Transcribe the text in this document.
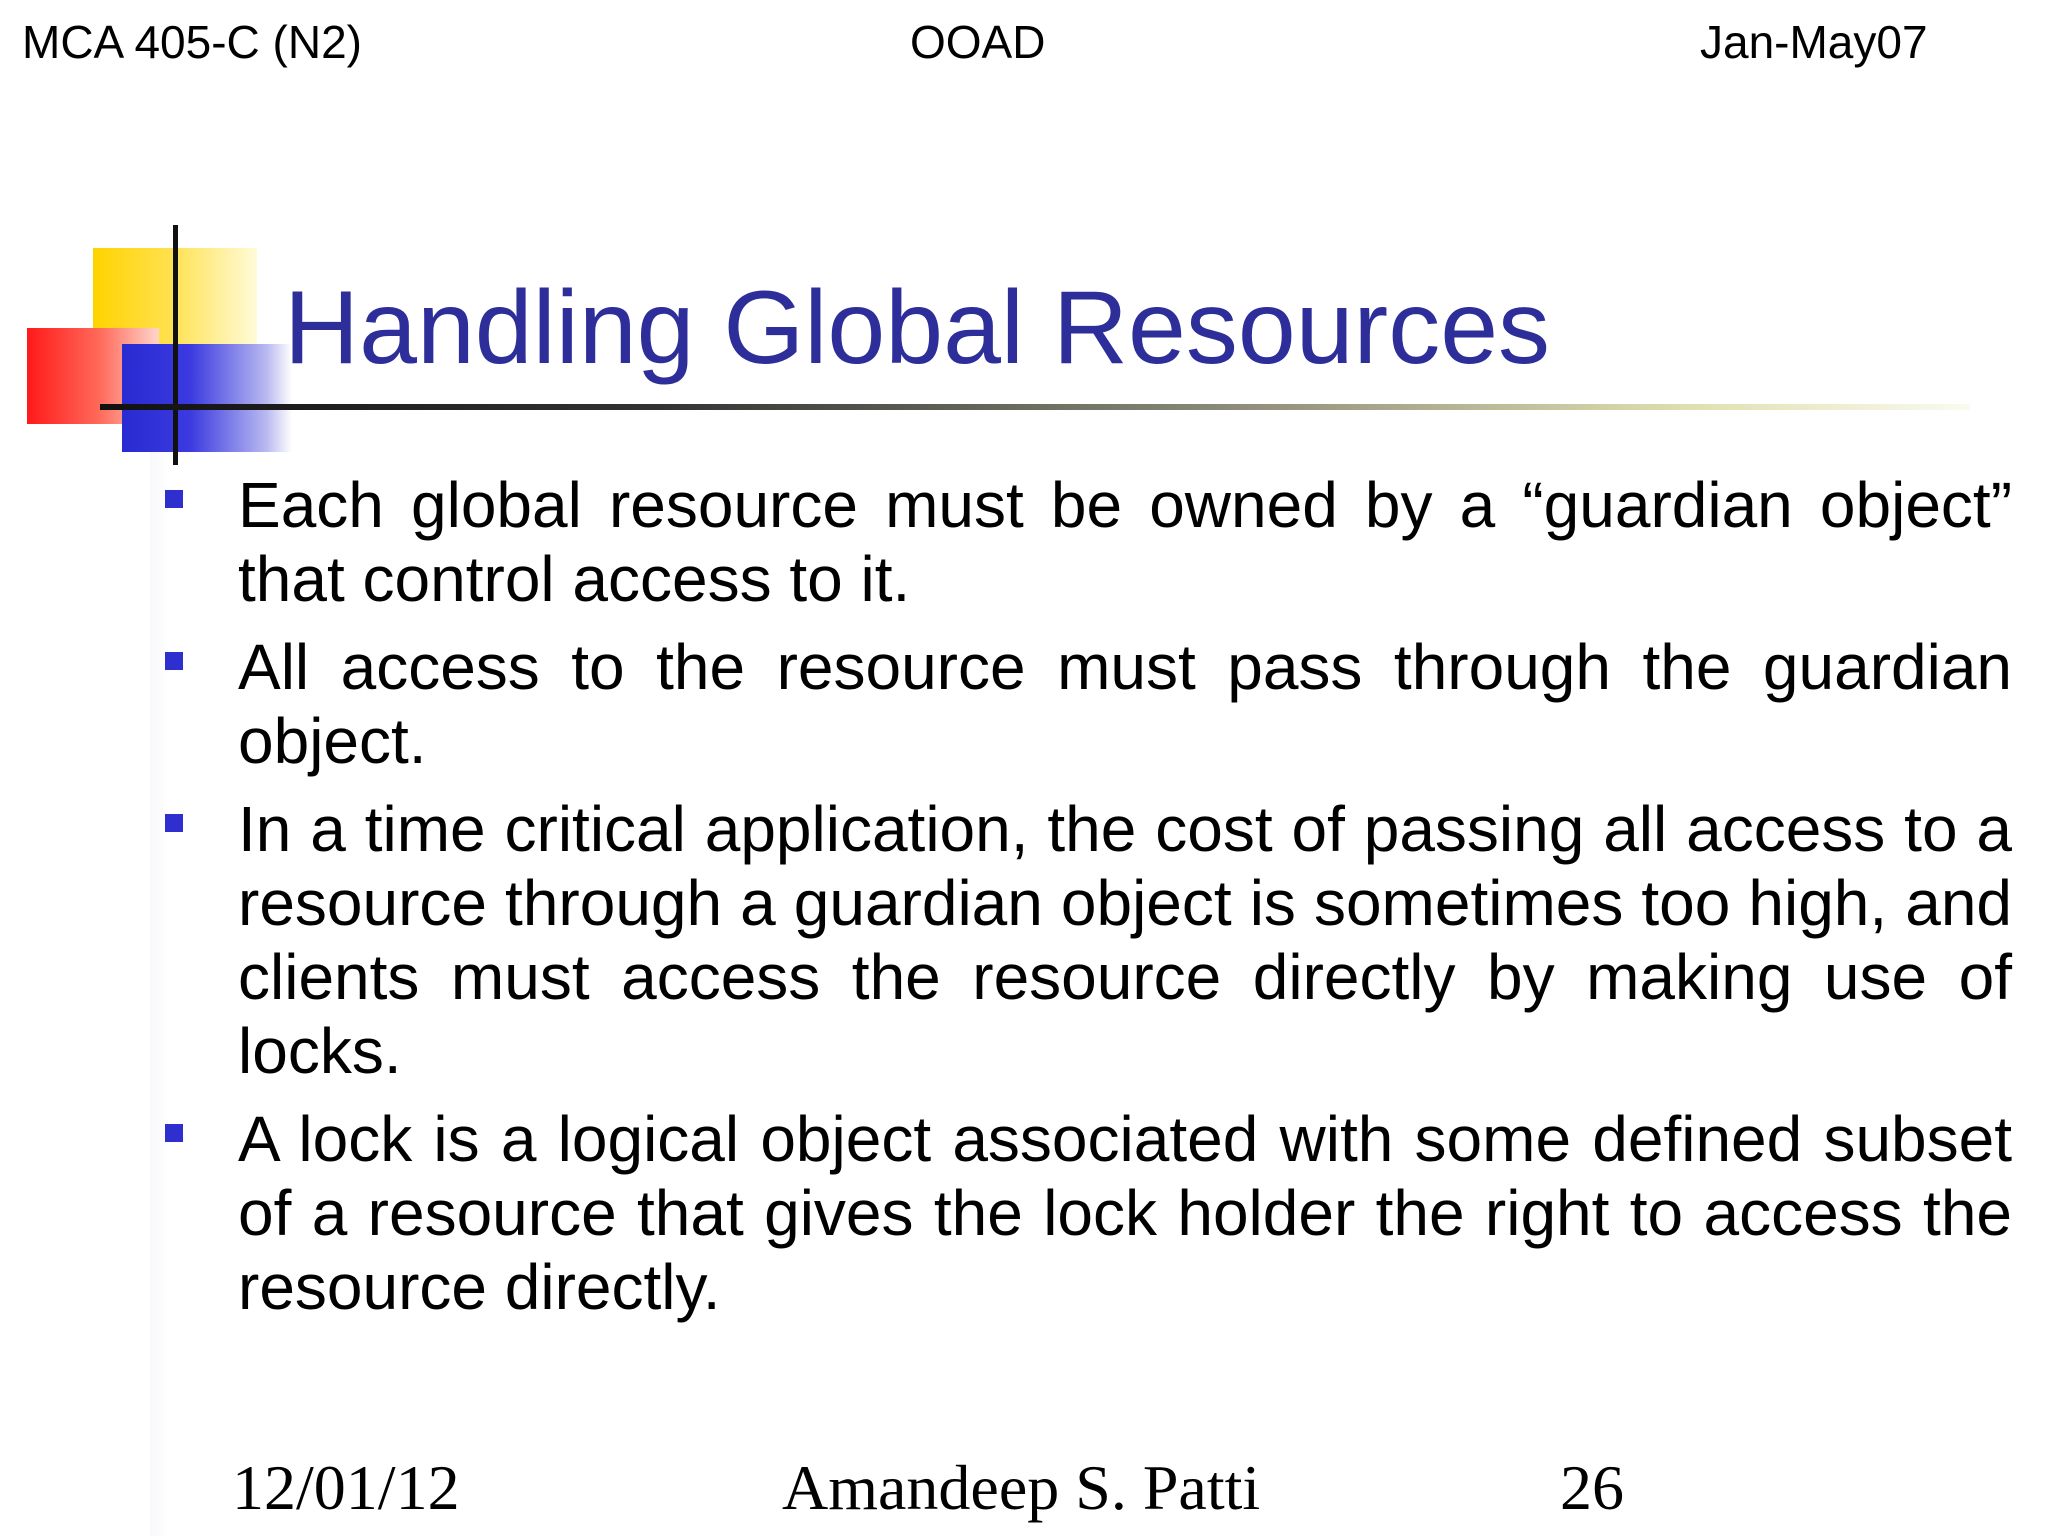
MCA 405-C (N2)	OOAD	Jan-May07
Handling Global Resources
Each global resource must be owned by a “guardian object” that control access to it.
All access to the resource must pass through the guardian object.
In a time critical application, the cost of passing all access to a resource through a guardian object is sometimes too high, and clients must access the resource directly by making use of locks.
A lock is a logical object associated with some defined subset of a resource that gives the lock holder the right to access the resource directly.
12/01/12	Amandeep S. Patti	26
